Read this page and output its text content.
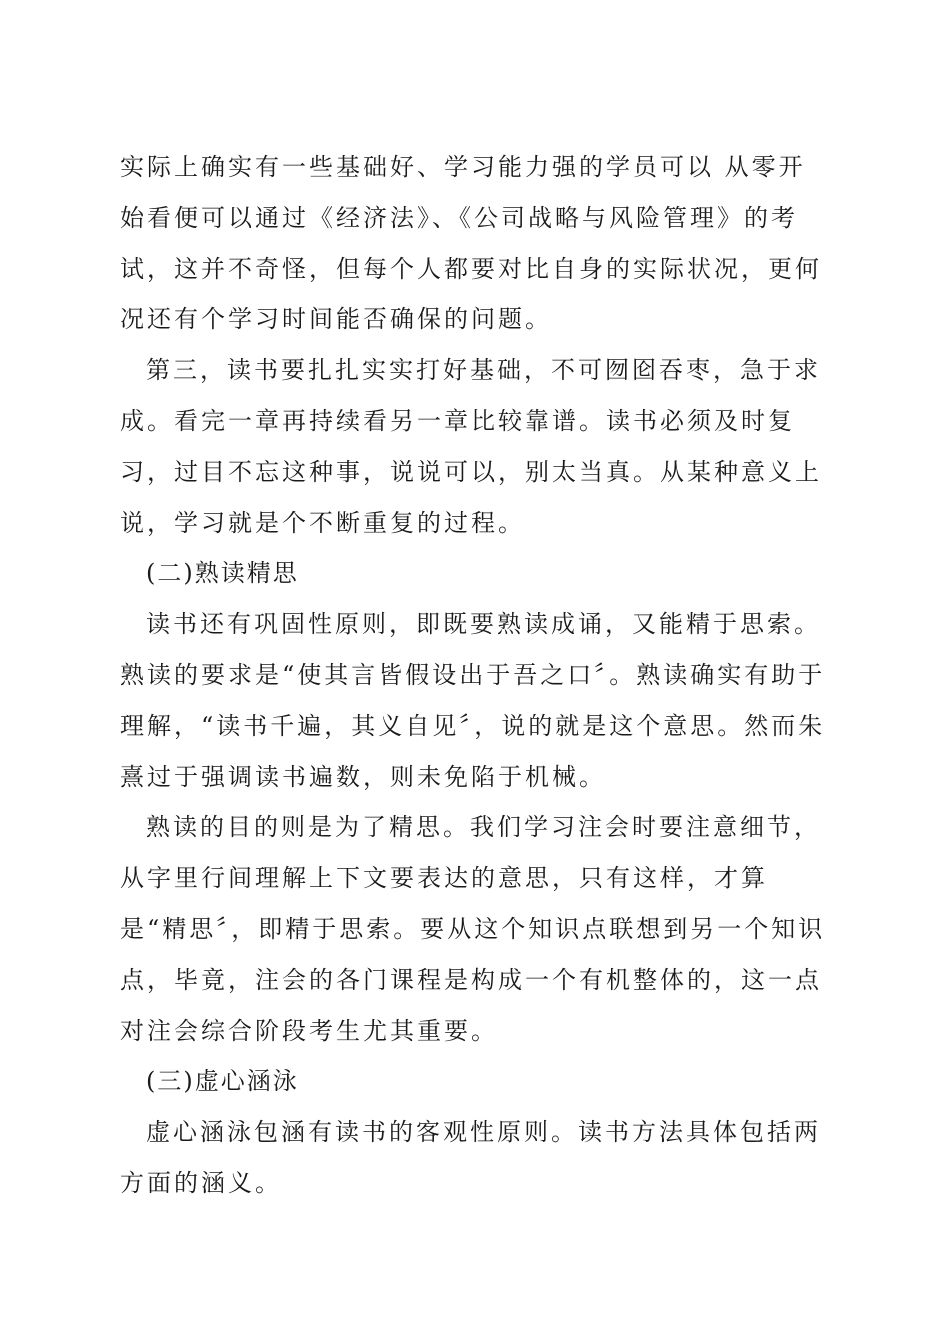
实际上确实有一些基础好、学习能力强的学员可以 从零开始看便可以通过《经济法》、《公司战略与风险管理》的考试，这并不奇怪，但每个人都要对比自身的实际状况，更何况还有个学习时间能否确保的问题。

第三，读书要扎扎实实打好基础，不可囫囵吞枣，急于求成。看完一章再持续看另一章比较靠谱。读书必须及时复习，过目不忘这种事，说说可以，别太当真。从某种意义上说，学习就是个不断重复的过程。

(二)熟读精思

读书还有巩固性原则，即既要熟读成诵，又能精于思索。熟读的要求是“使其言皆假设出于吾之口〞。熟读确实有助于理解，“读书千遍，其义自见〞，说的就是这个意思。然而朱熹过于强调读书遍数，则未免陷于机械。

熟读的目的则是为了精思。我们学习注会时要注意细节，从字里行间理解上下文要表达的意思，只有这样，才算是“精思〞，即精于思索。要从这个知识点联想到另一个知识点，毕竟，注会的各门课程是构成一个有机整体的，这一点对注会综合阶段考生尤其重要。

(三)虚心涵泳

虚心涵泳包涵有读书的客观性原则。读书方法具体包括两方面的涵义。
